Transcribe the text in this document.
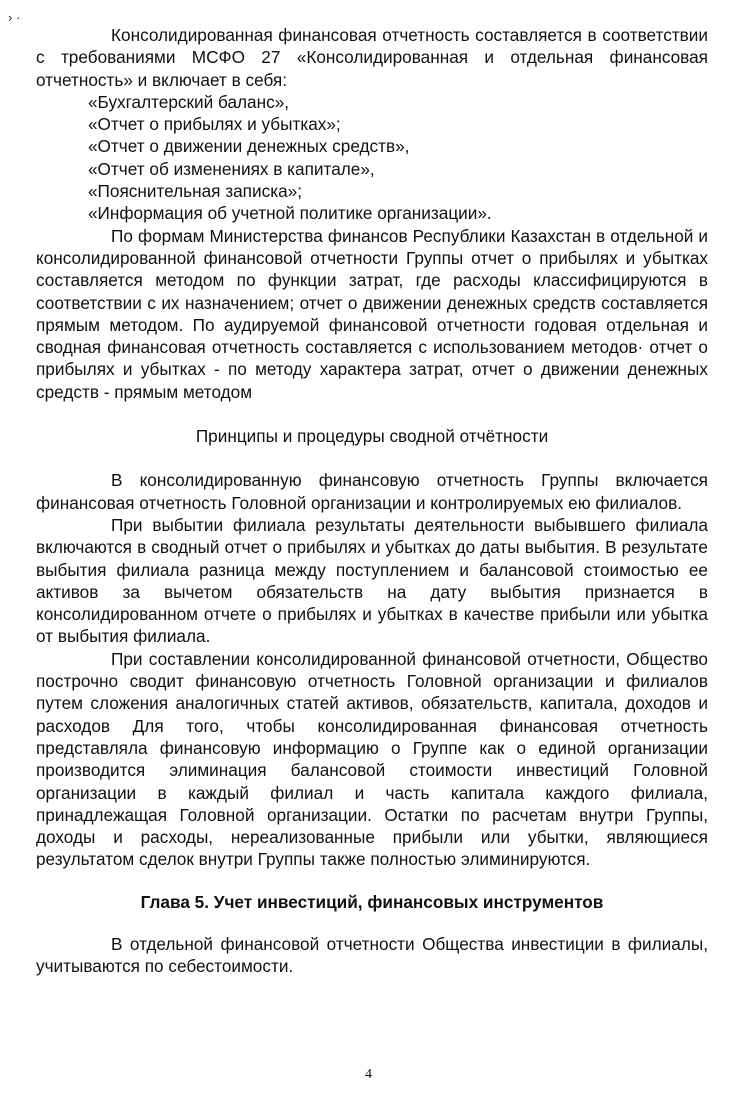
› ·

Консолидированная финансовая отчетность составляется в соответствии с требованиями МСФО 27 «Консолидированная и отдельная финансовая отчетность» и включает в себя:

«Бухгалтерский баланс»,

«Отчет о прибылях и убытках»;

«Отчет о движении денежных средств»,

«Отчет об изменениях в капитале»,

«Пояснительная записка»;

«Информация об учетной политике организации».

По формам Министерства финансов Республики Казахстан в отдельной и консолидированной финансовой отчетности Группы отчет о прибылях и убытках составляется методом по функции затрат, где расходы классифицируются в соответствии с их назначением; отчет о движении денежных средств составляется прямым методом. По аудируемой финансовой отчетности годовая отдельная и сводная финансовая отчетность составляется с использованием методов· отчет о прибылях и убытках - по методу характера затрат, отчет о движении денежных средств - прямым методом

Принципы и процедуры сводной отчётности

В консолидированную финансовую отчетность Группы включается финансовая отчетность Головной организации и контролируемых ею филиалов.

При выбытии филиала результаты деятельности выбывшего филиала включаются в сводный отчет о прибылях и убытках до даты выбытия. В результате выбытия филиала разница между поступлением и балансовой стоимостью ее активов за вычетом обязательств на дату выбытия признается в консолидированном отчете о прибылях и убытках в качестве прибыли или убытка от выбытия филиала.

При составлении консолидированной финансовой отчетности, Общество построчно сводит финансовую отчетность Головной организации и филиалов путем сложения аналогичных статей активов, обязательств, капитала, доходов и расходов Для того, чтобы консолидированная финансовая отчетность представляла финансовую информацию о Группе как о единой организации производится элиминация балансовой стоимости инвестиций Головной организации в каждый филиал и часть капитала каждого филиала, принадлежащая Головной организации. Остатки по расчетам внутри Группы, доходы и расходы, нереализованные прибыли или убытки, являющиеся результатом сделок внутри Группы также полностью элиминируются.

Глава 5. Учет инвестиций, финансовых инструментов

В отдельной финансовой отчетности Общества инвестиции в филиалы, учитываются по себестоимости.

4
